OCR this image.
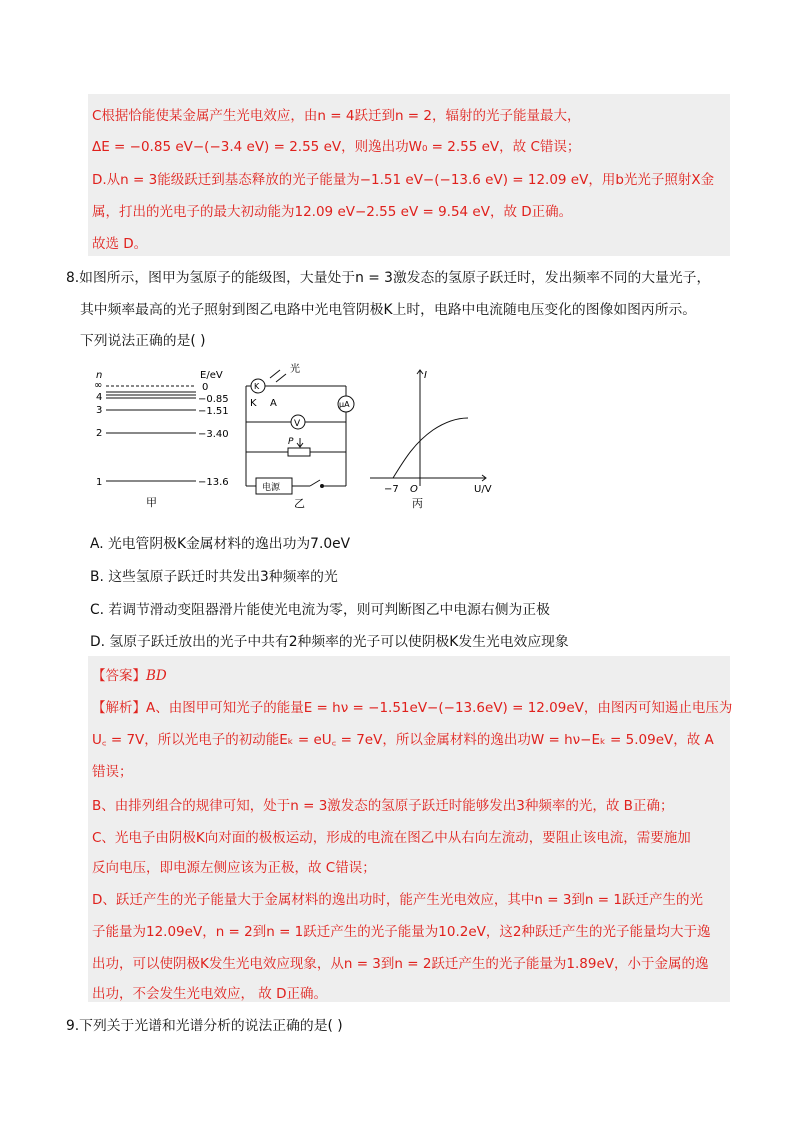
C根据恰能使某金属产生光电效应，由n = 4跃迁到n = 2，辐射的光子能量最大，
ΔE = −0.85 eV−(−3.4 eV) = 2.55 eV，则逸出功W₀ = 2.55 eV，故 C错误；
D.从n = 3能级跃迁到基态释放的光子能量为−1.51 eV−(−13.6 eV) = 12.09 eV，用b光光子照射X金
属，打出的光电子的最大初动能为12.09 eV−2.55 eV = 9.54 eV，故 D正确。
故选 D。
8.如图所示，图甲为氢原子的能级图，大量处于n = 3激发态的氢原子跃迁时，发出频率不同的大量光子，
其中频率最高的光子照射到图乙电路中光电管阴极K上时，电路中电流随电压变化的图像如图丙所示。
下列说法正确的是( )
n	E/eV
∞	0
4	−0.85
3	−1.51
2	−3.40
1	−13.6
甲
K
光
K A	μA
V
P
电源
乙
I
U/V
O
−7
丙
A. 光电管阴极K金属材料的逸出功为7.0eV
B. 这些氢原子跃迁时共发出3种频率的光
C. 若调节滑动变阻器滑片能使光电流为零，则可判断图乙中电源右侧为正极
D. 氢原子跃迁放出的光子中共有2种频率的光子可以使阴极K发生光电效应现象
【答案】BD
【解析】A、由图甲可知光子的能量E = hν = −1.51eV−(−13.6eV) = 12.09eV，由图丙可知遏止电压为
U꜀ = 7V，所以光电子的初动能Eₖ = eU꜀ = 7eV，所以金属材料的逸出功W = hν−Eₖ = 5.09eV，故 A
错误；
B、由排列组合的规律可知，处于n = 3激发态的氢原子跃迁时能够发出3种频率的光，故 B正确；
C、光电子由阴极K向对面的极板运动，形成的电流在图乙中从右向左流动，要阻止该电流，需要施加
反向电压，即电源左侧应该为正极，故 C错误；
D、跃迁产生的光子能量大于金属材料的逸出功时，能产生光电效应，其中n = 3到n = 1跃迁产生的光
子能量为12.09eV，n = 2到n = 1跃迁产生的光子能量为10.2eV，这2种跃迁产生的光子能量均大于逸
出功，可以使阴极K发生光电效应现象，从n = 3到n = 2跃迁产生的光子能量为1.89eV，小于金属的逸
出功，不会发生光电效应， 故 D正确。
9.下列关于光谱和光谱分析的说法正确的是( )
